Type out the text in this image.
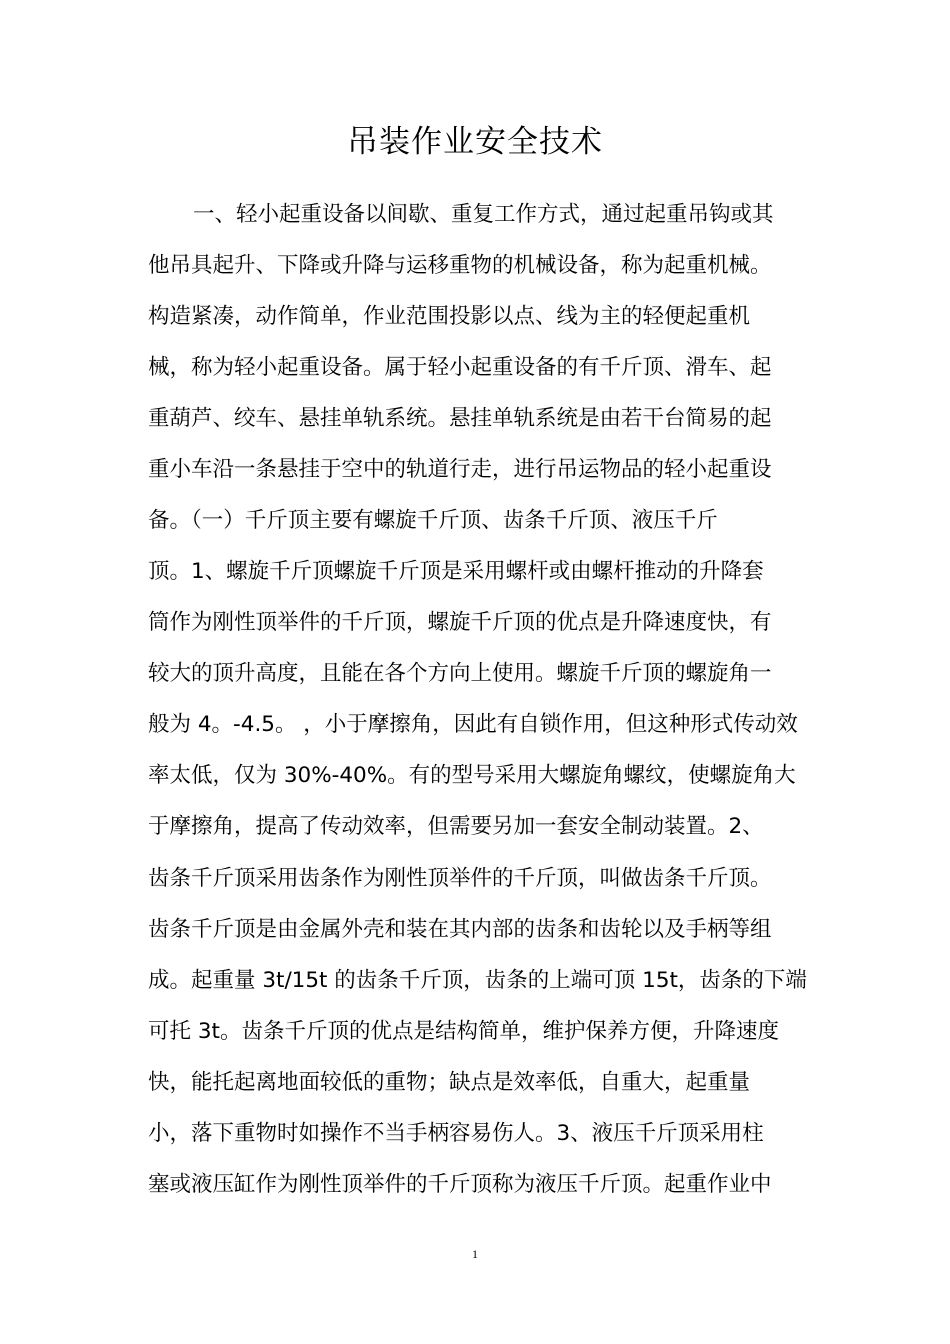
吊装作业安全技术

一、轻小起重设备以间歇、重复工作方式，通过起重吊钩或其

他吊具起升、下降或升降与运移重物的机械设备，称为起重机械。

构造紧凑，动作简单，作业范围投影以点、线为主的轻便起重机

械，称为轻小起重设备。属于轻小起重设备的有千斤顶、滑车、起

重葫芦、绞车、悬挂单轨系统。悬挂单轨系统是由若干台简易的起

重小车沿一条悬挂于空中的轨道行走，进行吊运物品的轻小起重设

备。（一）千斤顶主要有螺旋千斤顶、齿条千斤顶、液压千斤

顶。1、螺旋千斤顶螺旋千斤顶是采用螺杆或由螺杆推动的升降套

筒作为刚性顶举件的千斤顶，螺旋千斤顶的优点是升降速度快，有

较大的顶升高度，且能在各个方向上使用。螺旋千斤顶的螺旋角一

般为 4。-4.5。 ，小于摩擦角，因此有自锁作用，但这种形式传动效

率太低，仅为 30%-40%。有的型号采用大螺旋角螺纹，使螺旋角大

于摩擦角，提高了传动效率，但需要另加一套安全制动装置。2、

齿条千斤顶采用齿条作为刚性顶举件的千斤顶，叫做齿条千斤顶。

齿条千斤顶是由金属外壳和装在其内部的齿条和齿轮以及手柄等组

成。起重量 3t/15t 的齿条千斤顶，齿条的上端可顶 15t，齿条的下端

可托 3t。齿条千斤顶的优点是结构简单，维护保养方便，升降速度

快，能托起离地面较低的重物；缺点是效率低，自重大，起重量

小，落下重物时如操作不当手柄容易伤人。3、液压千斤顶采用柱

塞或液压缸作为刚性顶举件的千斤顶称为液压千斤顶。起重作业中

1
